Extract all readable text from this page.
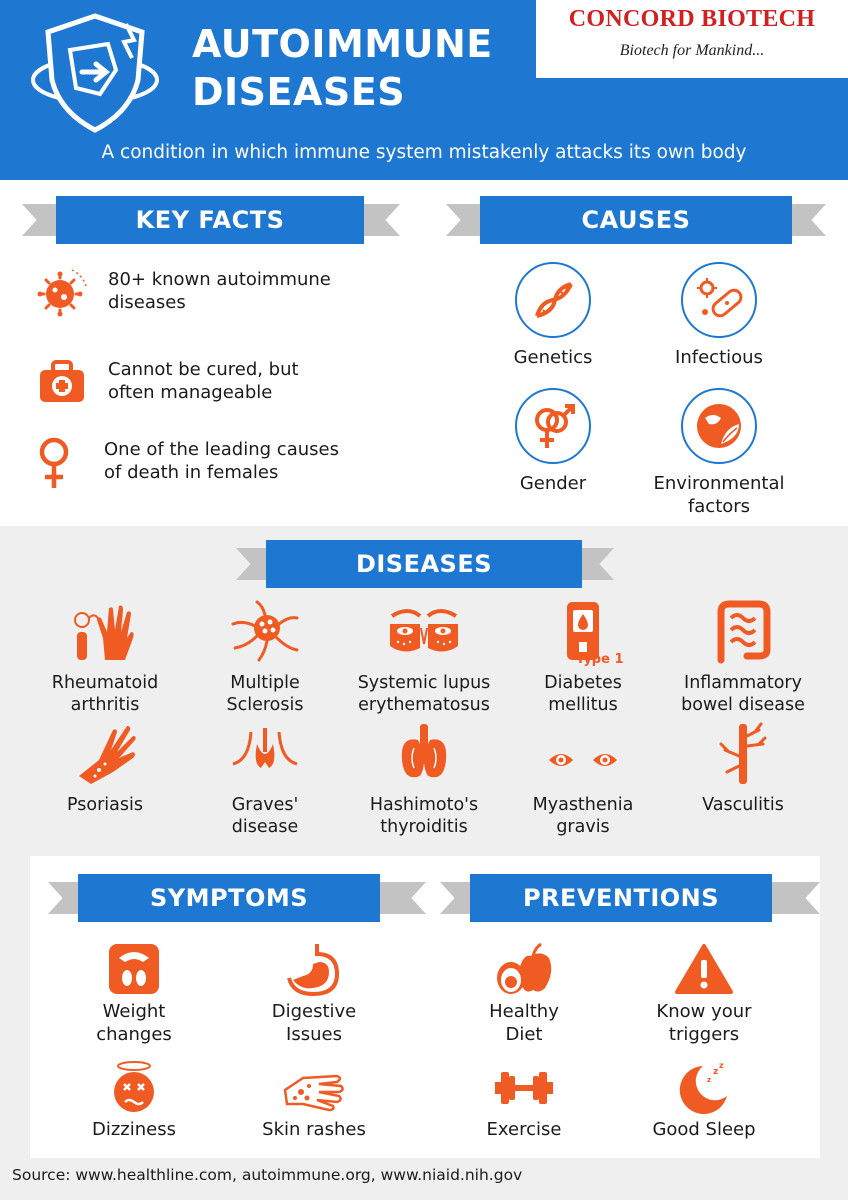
AUTOIMMUNE
DISEASES
A condition in which immune system mistakenly attacks its own body
CONCORD BIOTECH
Biotech for Mankind...
KEY FACTS	CAUSES
80+ known autoimmune
diseases
Cannot be cured, but
often manageable
One of the leading causes
of death in females
Genetics	Infectious
Gender	Environmental
factors
DISEASES
Rheumatoid
arthritis
Multiple
Sclerosis
Systemic lupus
erythematosus
Diabetes
mellitus
Type 1
Inflammatory
bowel disease
Psoriasis	Graves'
disease
Hashimoto's
thyroiditis
Myasthenia
gravis
Vasculitis
SYMPTOMS	PREVENTIONS
Weight
changes
Digestive
Issues
Dizziness	Skin rashes
Healthy
Diet
Know your
triggers
Exercise
z
z
z
Good Sleep
Source: www.healthline.com, autoimmune.org, www.niaid.nih.gov
